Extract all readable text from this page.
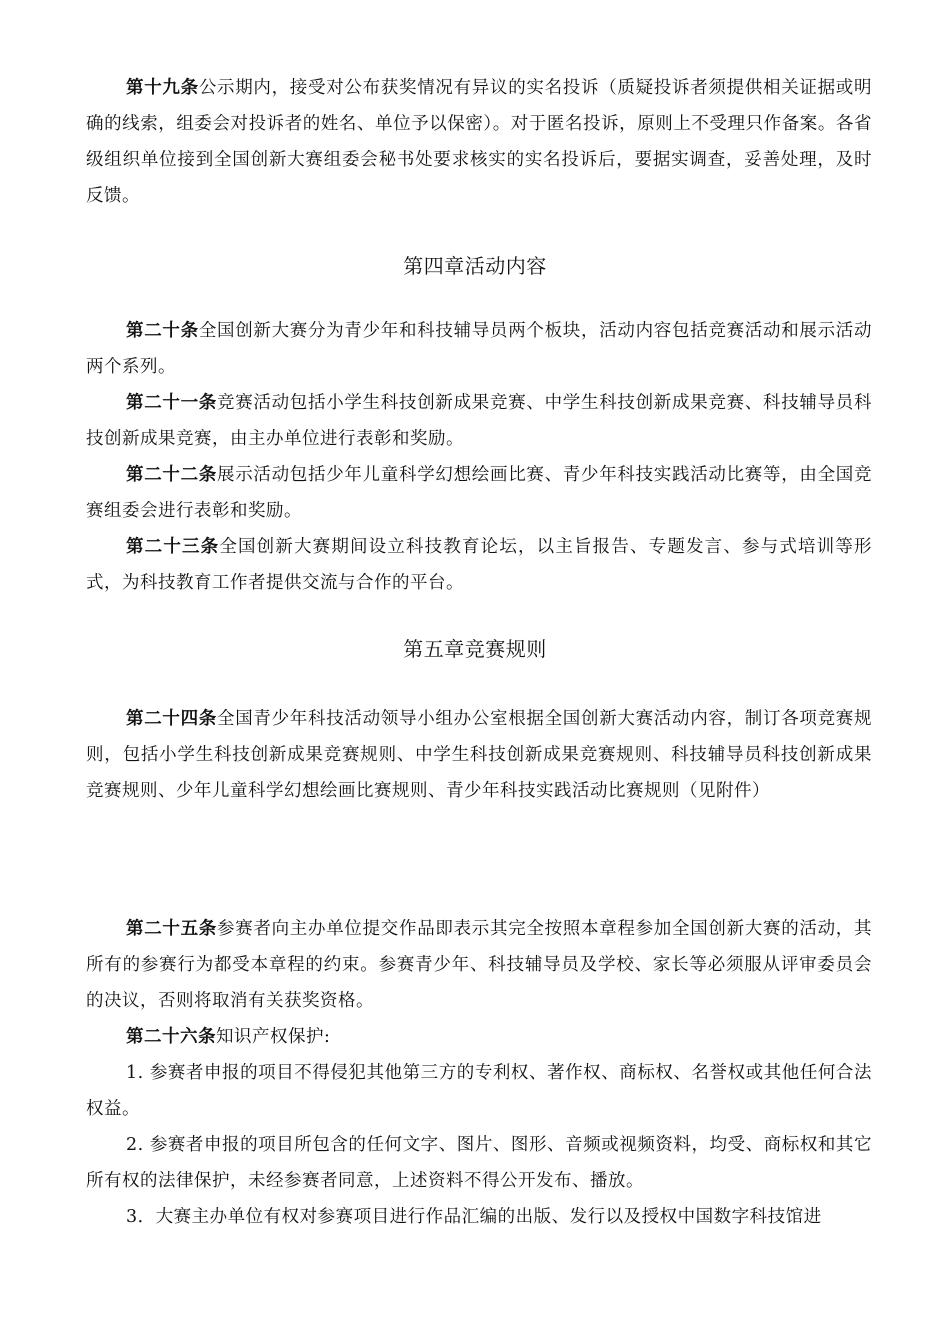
第十九条公示期内，接受对公布获奖情况有异议的实名投诉（质疑投诉者须提供相关证据或明确的线索，组委会对投诉者的姓名、单位予以保密）。对于匿名投诉，原则上不受理只作备案。各省级组织单位接到全国创新大赛组委会秘书处要求核实的实名投诉后，要据实调查，妥善处理，及时反馈。

第四章活动内容

第二十条全国创新大赛分为青少年和科技辅导员两个板块，活动内容包括竞赛活动和展示活动两个系列。

第二十一条竞赛活动包括小学生科技创新成果竞赛、中学生科技创新成果竞赛、科技辅导员科技创新成果竞赛，由主办单位进行表彰和奖励。

第二十二条展示活动包括少年儿童科学幻想绘画比赛、青少年科技实践活动比赛等，由全国竞赛组委会进行表彰和奖励。

第二十三条全国创新大赛期间设立科技教育论坛，以主旨报告、专题发言、参与式培训等形式，为科技教育工作者提供交流与合作的平台。

第五章竞赛规则

第二十四条全国青少年科技活动领导小组办公室根据全国创新大赛活动内容，制订各项竞赛规则，包括小学生科技创新成果竞赛规则、中学生科技创新成果竞赛规则、科技辅导员科技创新成果竞赛规则、少年儿童科学幻想绘画比赛规则、青少年科技实践活动比赛规则（见附件）

第二十五条参赛者向主办单位提交作品即表示其完全按照本章程参加全国创新大赛的活动，其所有的参赛行为都受本章程的约束。参赛青少年、科技辅导员及学校、家长等必须服从评审委员会的决议，否则将取消有关获奖资格。

第二十六条知识产权保护:

1. 参赛者申报的项目不得侵犯其他第三方的专利权、著作权、商标权、名誉权或其他任何合法权益。

2. 参赛者申报的项目所包含的任何文字、图片、图形、音频或视频资料，均受、商标权和其它所有权的法律保护，未经参赛者同意，上述资料不得公开发布、播放。

3．大赛主办单位有权对参赛项目进行作品汇编的出版、发行以及授权中国数字科技馆进
